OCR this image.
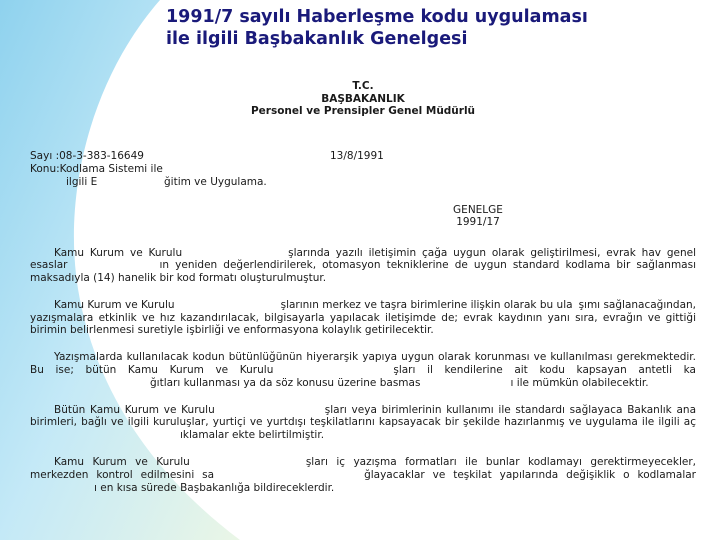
1991/7 sayılı Haberleşme kodu uygulaması
ile ilgili Başbakanlık Genelgesi
T.C.
BAŞBAKANLIK
Personel ve Prensipler Genel Müdürlü
Sayı :08-3-383-16649	13/8/1991
Konu:Kodlama Sistemi ile
ilgili E	ğitim ve Uygulama.
GENELGE
1991/17

Kamu Kurum ve Kurulu	şlarında yazılı iletişimin çağa uygun olarak geliştirilmesi, evrak hav genel esaslar	ın yeniden değerlendirilerek, otomasyon tekniklerine de uygun standard kodlama bir sağlanması maksadıyla (14) hanelik bir kod formatı oluşturulmuştur.

Kamu Kurum ve Kurulu	şlarının merkez ve taşra birimlerine ilişkin olarak bu ula şımı sağlanacağından, yazışmalara etkinlik ve hız kazandırılacak, bilgisayarla yapılacak iletişimde de; evrak kaydının yanı sıra, evrağın ve gittiği birimin belirlenmesi suretiyle işbirliği ve enformasyona kolaylık getirilecektir.

Yazışmalarda kullanılacak kodun bütünlüğünün hiyerarşik yapıya uygun olarak korunması ve kullanılması gerekmektedir. Bu ise; bütün Kamu Kurum ve Kurulu	şları il kendilerine ait kodu kapsayan antetli kağıtları kullanması ya da söz konusu üzerine basmas	ı ile mümkün olabilecektir.

Bütün Kamu Kurum ve Kurulu	şları veya birimlerinin kullanımı ile standardı sağlayaca Bakanlık ana birimleri, bağlı ve ilgili kuruluşlar, yurtiçi ve yurtdışı teşkilatlarını kapsayacak bir şekilde hazırlanmış ve uygulama ile ilgili açıklamalar ekte belirtilmiştir.

Kamu Kurum ve Kurulu	şları iç yazışma formatları ile bunlar kodlamayı gerektirmeyecekler, merkezden kontrol edilmesini sa	ğlayacaklar ve teşkilat yapılarında değişiklik o kodlamaları en kısa sürede Başbakanlığa bildireceklerdir.
